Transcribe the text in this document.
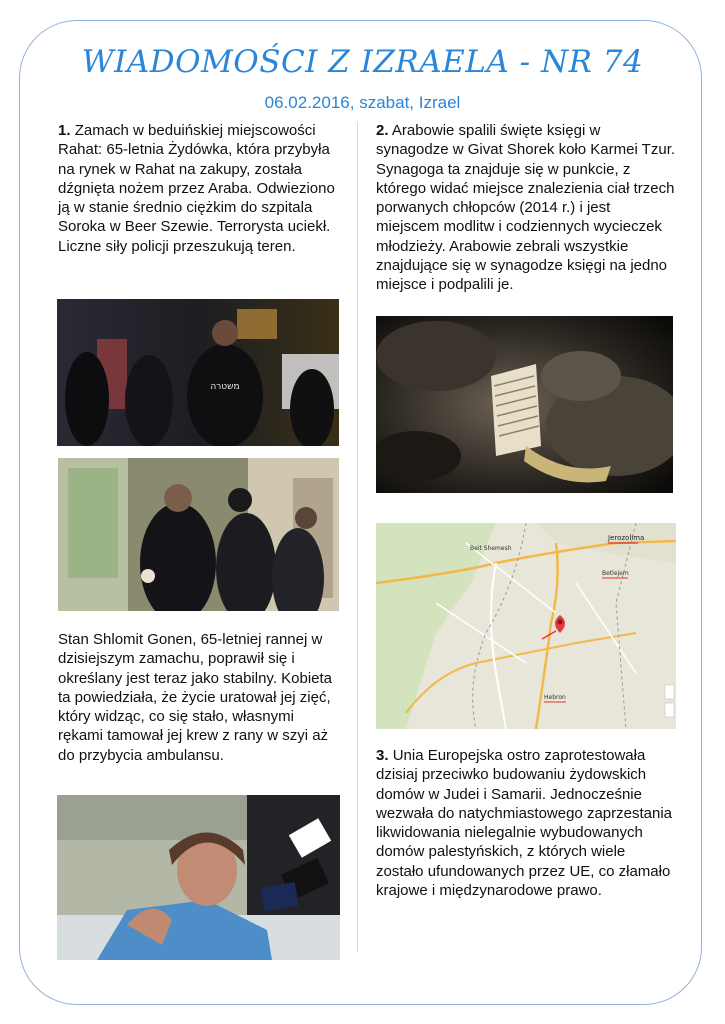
WIADOMOŚCI Z IZRAELA - NR 74
06.02.2016, szabat, Izrael
1. Zamach w beduińskiej miejscowości Rahat: 65-letnia Żydówka, która przybyła na rynek w Rahat na zakupy, została dźgnięta nożem przez Araba. Odwieziono ją w stanie średnio ciężkim do szpitala Soroka w Beer Szewie. Terrorysta uciekł. Liczne siły policji przeszukują teren.
משטרה
Stan Shlomit Gonen, 65-letniej rannej w dzisiejszym zamachu, poprawił się i określany jest teraz jako stabilny. Kobieta ta powiedziała, że życie uratował jej zięć, który widząc, co się stało, własnymi rękami tamował jej krew z rany w szyi aż do przybycia ambulansu.
2. Arabowie spalili święte księgi w synagodze w Givat Shorek koło Karmei Tzur. Synagoga ta znajduje się w punkcie, z którego widać miejsce znalezienia ciał trzech porwanych chłopców (2014 r.) i jest miejscem modlitw i codziennych wycieczek młodzieży. Arabowie zebrali wszystkie znajdujące się w synagodze księgi na jedno miejsce i podpalili je.
Jerozolima
Beit Shemesh
Betlejem
Hebron
3. Unia Europejska ostro zaprotestowała dzisiaj przeciwko budowaniu żydowskich domów w Judei i Samarii. Jednocześnie wezwała do natychmiastowego zaprzestania likwidowania nielegalnie wybudowanych domów palestyńskich, z których wiele zostało ufundowanych przez UE, co złamało krajowe i międzynarodowe prawo.
